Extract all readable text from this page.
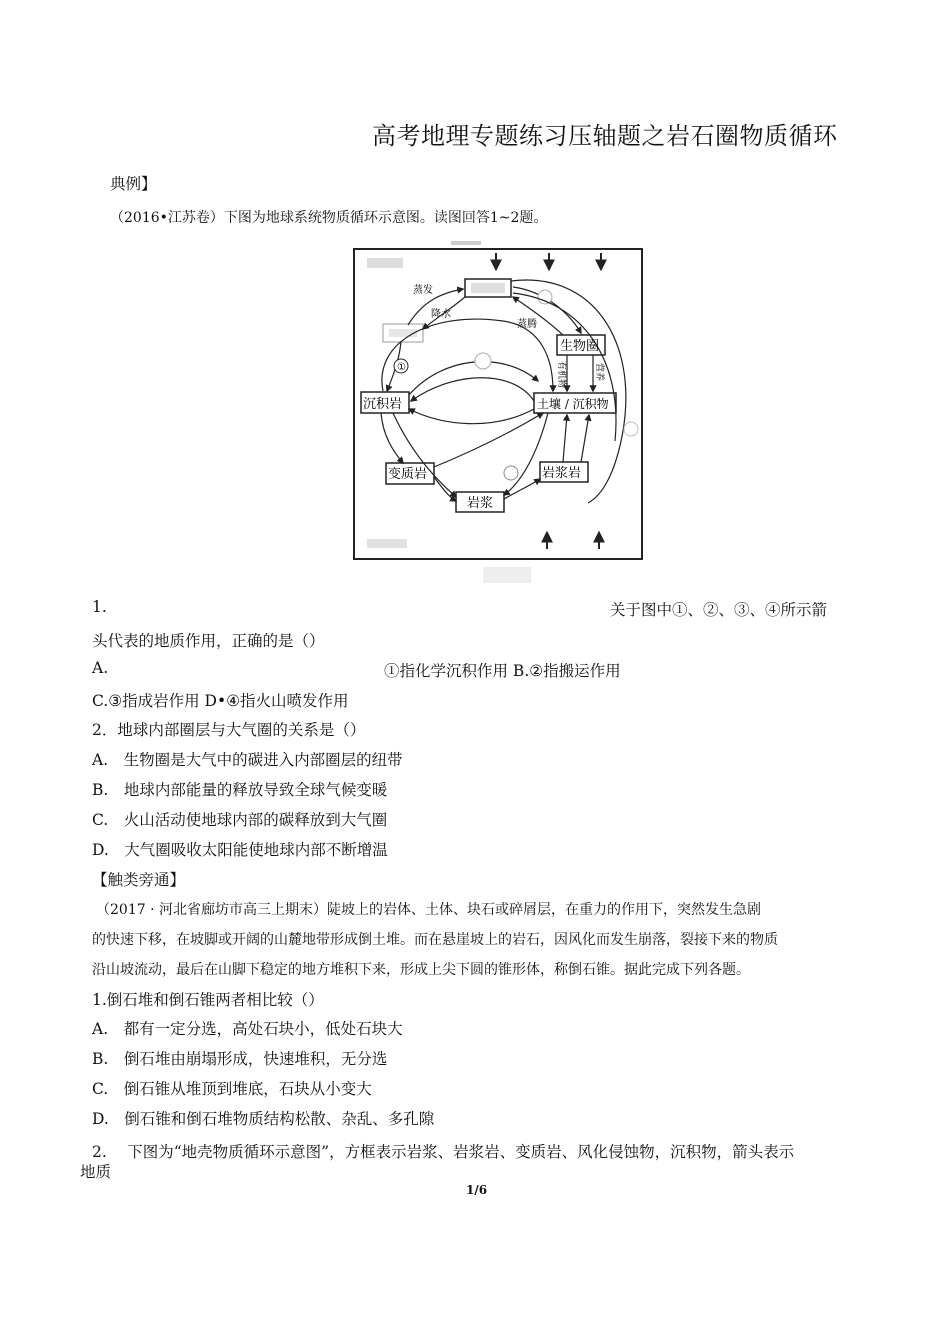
高考地理专题练习压轴题之岩石圈物质循环
典例】
（2016•江苏卷）下图为地球系统物质循环示意图。读图回答1~2题。
蒸发
降水
蒸腾
①
生物圈
沉积岩	土壤 / 沉积物
变质岩	岩浆岩
岩浆
有机物	营养
1.	关于图中①、②、③、④所示箭
头代表的地质作用，正确的是（）
A.	①指化学沉积作用 B.②指搬运作用
C.③指成岩作用 D•④指火山喷发作用
2．地球内部圈层与大气圈的关系是（）
A.　生物圈是大气中的碳进入内部圈层的纽带
B.　地球内部能量的释放导致全球气候变暖
C.　火山活动使地球内部的碳释放到大气圈
D.　大气圈吸收太阳能使地球内部不断增温
【触类旁通】
（2017 · 河北省廊坊市高三上期末）陡坡上的岩体、土体、块石或碎屑层，在重力的作用下，突然发生急剧
的快速下移，在坡脚或开阔的山麓地带形成倒土堆。而在悬崖坡上的岩石，因风化而发生崩落，裂接下来的物质
沿山坡流动，最后在山脚下稳定的地方堆积下来，形成上尖下圆的锥形体，称倒石锥。据此完成下列各题。
1.倒石堆和倒石锥两者相比较（）
A.　都有一定分选，高处石块小，低处石块大
B.　倒石堆由崩塌形成，快速堆积，无分选
C.　倒石锥从堆顶到堆底，石块从小变大
D.　倒石锥和倒石堆物质结构松散、杂乱、多孔隙
2.　 下图为“地壳物质循环示意图”，方框表示岩浆、岩浆岩、变质岩、风化侵蚀物，沉积物，箭头表示
地质
1/6
